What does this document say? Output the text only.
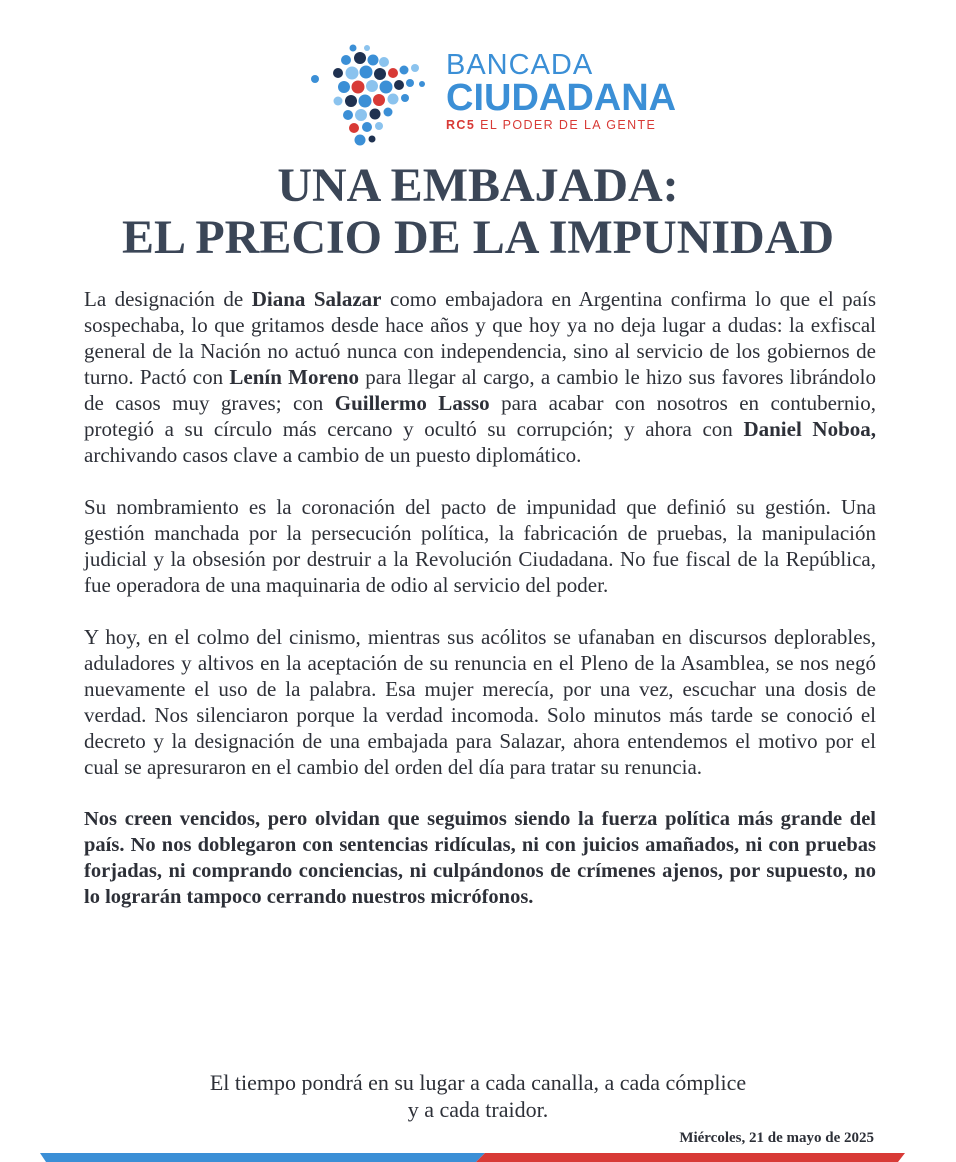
BANCADA
CIUDADANA
RC5 EL PODER DE LA GENTE
UNA EMBAJADA:
EL PRECIO DE LA IMPUNIDAD

La designación de Diana Salazar como embajadora en Argentina confirma lo que el país sospechaba, lo que gritamos desde hace años y que hoy ya no deja lugar a dudas: la exfiscal general de la Nación no actuó nunca con independencia, sino al servicio de los gobiernos de turno. Pactó con Lenín Moreno para llegar al cargo, a cambio le hizo sus favores librándolo de casos muy graves; con Guillermo Lasso para acabar con nosotros en contubernio, protegió a su círculo más cercano y ocultó su corrupción; y ahora con Daniel Noboa, archivando casos clave a cambio de un puesto diplomático.

Su nombramiento es la coronación del pacto de impunidad que definió su gestión. Una gestión manchada por la persecución política, la fabricación de pruebas, la manipulación judicial y la obsesión por destruir a la Revolución Ciudadana. No fue fiscal de la República, fue operadora de una maquinaria de odio al servicio del poder.

Y hoy, en el colmo del cinismo, mientras sus acólitos se ufanaban en discursos deplorables, aduladores y altivos en la aceptación de su renuncia en el Pleno de la Asamblea, se nos negó nuevamente el uso de la palabra. Esa mujer merecía, por una vez, escuchar una dosis de verdad. Nos silenciaron porque la verdad incomoda. Solo minutos más tarde se conoció el decreto y la designación de una embajada para Salazar, ahora entendemos el motivo por el cual se apresuraron en el cambio del orden del día para tratar su renuncia.

Nos creen vencidos, pero olvidan que seguimos siendo la fuerza política más grande del país. No nos doblegaron con sentencias ridículas, ni con juicios amañados, ni con pruebas forjadas, ni comprando conciencias, ni culpándonos de crímenes ajenos, por supuesto, no lo lograrán tampoco cerrando nuestros micrófonos.

El tiempo pondrá en su lugar a cada canalla, a cada cómplice
y a cada traidor.
Miércoles, 21 de mayo de 2025
